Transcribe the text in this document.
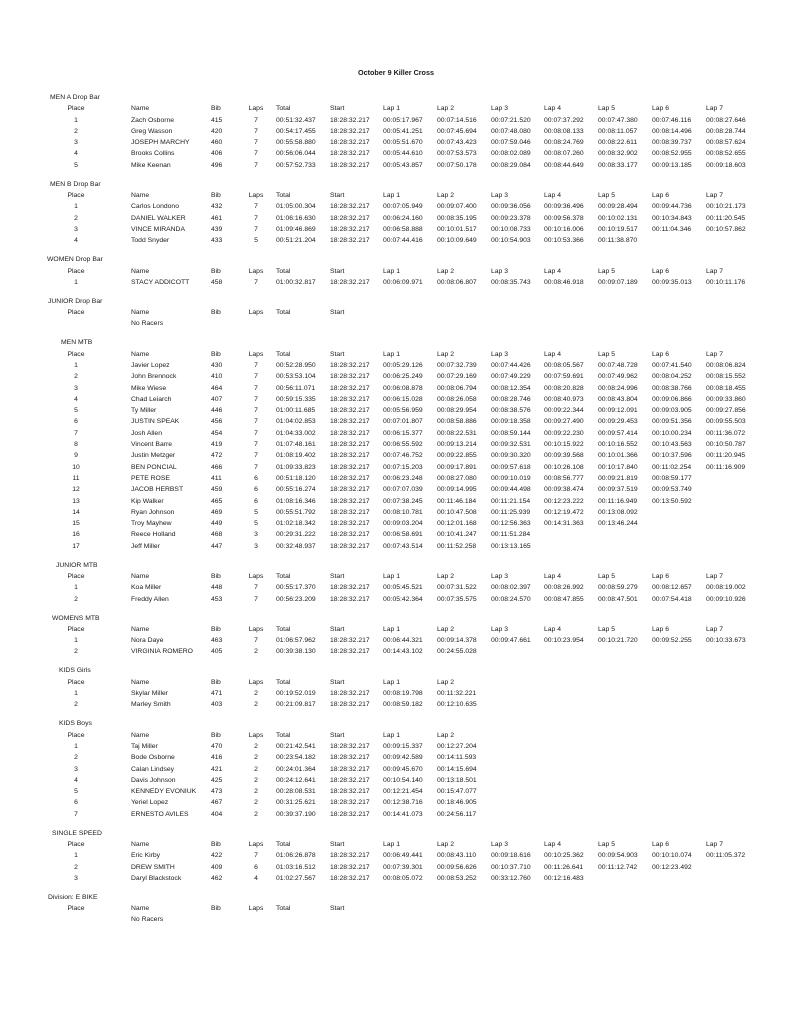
October 9 Killer Cross
MEN A Drop Bar
Place	Name	Bib	Laps	Total	Start	Lap 1	Lap 2	Lap 3	Lap 4	Lap 5	Lap 6	Lap 7
1	Zach Osborne	415	7	00:51:32.437 18:28:32.217 00:05:17.967 00:07:14.516 00:07:21.520 00:07:37.292 00:07:47.380 00:07:46.116 00:08:27.646
2	Greg Wasson	420	7	00:54:17.455 18:28:32.217 00:05:41.251 00:07:45.694 00:07:48.080 00:08:08.133 00:08:11.057 00:08:14.496 00:08:28.744
3	JOSEPH MARCHY	460	7	00:55:58.880 18:28:32.217 00:05:51.670 00:07:43.423 00:07:59.046 00:08:24.769 00:08:22.611 00:08:39.737 00:08:57.624
4	Brooks Collins	406	7	00:56:06.044 18:28:32.217 00:05:44.610 00:07:53.573 00:08:02.089 00:08:07.260 00:08:32.902 00:08:52.955 00:08:52.655
5	Mike Keenan	496	7	00:57:52.733 18:28:32.217 00:05:43.857 00:07:50.178 00:08:29.084 00:08:44.649 00:08:33.177 00:09:13.185 00:09:18.603
MEN B Drop Bar
Place	Name	Bib	Laps	Total	Start	Lap 1	Lap 2	Lap 3	Lap 4	Lap 5	Lap 6	Lap 7
1	Carlos Londono	432	7	01:05:00.304 18:28:32.217 00:07:05.949 00:09:07.400 00:09:36.056 00:09:36.496 00:09:28.494 00:09:44.736 00:10:21.173
2	DANIEL WALKER	461	7	01:06:16.630 18:28:32.217 00:06:24.160 00:08:35.195 00:09:23.378 00:09:56.378 00:10:02.131 00:10:34.843 00:11:20.545
3	VINCE MIRANDA	439	7	01:09:46.869 18:28:32.217 00:06:58.888 00:10:01.517 00:10:08.733 00:10:16.006 00:10:19.517 00:11:04.346 00:10:57.862
4	Todd Snyder	433	5	00:51:21.204 18:28:32.217 00:07:44.416 00:10:09.649 00:10:54.903 00:10:53.366 00:11:38.870
WOMEN Drop Bar
Place	Name	Bib	Laps	Total	Start	Lap 1	Lap 2	Lap 3	Lap 4	Lap 5	Lap 6	Lap 7
1	STACY ADDICOTT	458	7	01:00:32.817 18:28:32.217 00:06:09.971 00:08:06.807 00:08:35.743 00:08:46.918 00:09:07.189 00:09:35.013 00:10:11.176
JUNIOR Drop Bar
Place	Name	Bib	Laps	Total	Start
No Racers
MEN MTB
Place	Name	Bib	Laps	Total	Start	Lap 1	Lap 2	Lap 3	Lap 4	Lap 5	Lap 6	Lap 7
1	Javier Lopez	430	7	00:52:28.950 18:28:32.217 00:05:29.126 00:07:32.739 00:07:44.426 00:08:05.567 00:07:48.728 00:07:41.540 00:08:06.824
2	John Brennock	410	7	00:53:53.104 18:28:32.217 00:06:25.249 00:07:29.169 00:07:49.229 00:07:59.691 00:07:49.962 00:08:04.252 00:08:15.552
3	Mike Wiese	464	7	00:56:11.071 18:28:32.217 00:06:08.878 00:08:06.794 00:08:12.354 00:08:20.828 00:08:24.996 00:08:38.766 00:08:18.455
4	Chad Leiarch	407	7	00:59:15.335 18:28:32.217 00:06:15.028 00:08:26.058 00:08:28.746 00:08:40.973 00:08:43.804 00:09:06.866 00:09:33.860
5	Ty Miller	446	7	01:00:11.685 18:28:32.217 00:05:56.959 00:08:29.954 00:08:38.576 00:09:22.344 00:09:12.091 00:09:03.905 00:09:27.856
6	JUSTIN SPEAK	456	7	01:04:02.853 18:28:32.217 00:07:01.807 00:08:58.886 00:09:18.358 00:09:27.490 00:09:29.453 00:09:51.356 00:09:55.503
7	Josh Allen	454	7	01:04:33.002 18:28:32.217 00:06:15.377 00:08:22.531 00:08:59.144 00:09:22.230 00:09:57.414 00:10:00.234 00:11:36.072
8	Vincent Barre	419	7	01:07:48.161 18:28:32.217 00:06:55.592 00:09:13.214 00:09:32.531 00:10:15.922 00:10:16.552 00:10:43.563 00:10:50.787
9	Justin Metzger	472	7	01:08:19.402 18:28:32.217 00:07:46.752 00:09:22.855 00:09:30.320 00:09:39.568 00:10:01.366 00:10:37.596 00:11:20.945
10	BEN PONCIAL	466	7	01:09:33.823 18:28:32.217 00:07:15.203 00:09:17.891 00:09:57.618 00:10:26.108 00:10:17.840 00:11:02.254 00:11:16.909
11	PETE ROSE	411	6	00:51:18.120 18:28:32.217 00:06:23.248 00:08:27.080 00:09:10.019 00:08:56.777 00:09:21.819 00:08:59.177
12	JACOB HERBST	459	6	00:55:16.274 18:28:32.217 00:07:07.039 00:09:14.995 00:09:44.498 00:09:38.474 00:09:37.519 00:09:53.749
13	Kip Walker	465	6	01:08:16.346 18:28:32.217 00:07:38.245 00:11:46.184 00:11:21.154 00:12:23.222 00:11:16.949 00:13:50.592
14	Ryan Johnson	469	5	00:55:51.792 18:28:32.217 00:08:10.781 00:10:47.508 00:11:25.939 00:12:19.472 00:13:08.092
15	Troy Mayhew	449	5	01:02:18.342 18:28:32.217 00:09:03.204 00:12:01.168 00:12:56.363 00:14:31.363 00:13:46.244
16	Reece Holland	468	3	00:29:31.222 18:28:32.217 00:06:58.691 00:10:41.247 00:11:51.284
17	Jeff Miller	447	3	00:32:48.937 18:28:32.217 00:07:43.514 00:11:52.258 00:13:13.165
JUNIOR MTB
Place	Name	Bib	Laps	Total	Start	Lap 1	Lap 2	Lap 3	Lap 4	Lap 5	Lap 6	Lap 7
1	Koa Miller	448	7	00:55:17.370 18:28:32.217 00:05:45.521 00:07:31.522 00:08:02.397 00:08:26.992 00:08:59.279 00:08:12.657 00:08:19.002
2	Freddy Allen	453	7	00:56:23.209 18:28:32.217 00:05:42.364 00:07:35.575 00:08:24.570 00:08:47.855 00:08:47.501 00:07:54.418 00:09:10.926
WOMENS MTB
Place	Name	Bib	Laps	Total	Start	Lap 1	Lap 2	Lap 3	Lap 4	Lap 5	Lap 6	Lap 7
1	Nora Daye	463	7	01:06:57.962 18:28:32.217 00:06:44.321 00:09:14.378 00:09:47.661 00:10:23.954 00:10:21.720 00:09:52.255 00:10:33.673
2	VIRGINIA ROMERO	405	2	00:39:38.130 18:28:32.217 00:14:43.102 00:24:55.028
KIDS Girls
Place	Name	Bib	Laps	Total	Start	Lap 1	Lap 2
1	Skylar Miller	471	2	00:19:52.019 18:28:32.217 00:08:19.798 00:11:32.221
2	Marley Smith	403	2	00:21:09.817 18:28:32.217 00:08:59.182 00:12:10.635
KIDS Boys
Place	Name	Bib	Laps	Total	Start	Lap 1	Lap 2
1	Taj Miller	470	2	00:21:42.541 18:28:32.217 00:09:15.337 00:12:27.204
2	Bode Osborne	416	2	00:23:54.182 18:28:32.217 00:09:42.589 00:14:11.593
3	Calan Lindsey	421	2	00:24:01.364 18:28:32.217 00:09:45.670 00:14:15.694
4	Davis Johnson	425	2	00:24:12.641 18:28:32.217 00:10:54.140 00:13:18.501
5	KENNEDY EVONIUK 473	2	00:28:08.531 18:28:32.217 00:12:21.454 00:15:47.077
6	Yeriel Lopez	467	2	00:31:25.621 18:28:32.217 00:12:38.716 00:18:46.905
7	ERNESTO AVILES	404	2	00:39:37.190 18:28:32.217 00:14:41.073 00:24:56.117
SINGLE SPEED
Place	Name	Bib	Laps	Total	Start	Lap 1	Lap 2	Lap 3	Lap 4	Lap 5	Lap 6	Lap 7
1	Eric Kirby	422	7	01:06:26.878 18:28:32.217 00:06:49.441 00:08:43.110 00:09:18.616 00:10:25.362 00:09:54.903 00:10:10.074 00:11:05.372
2	DREW SMITH	409	6	01:03:16.512 18:28:32.217 00:07:39.301 00:09:56.626 00:10:37.710 00:11:26.641 00:11:12.742 00:12:23.492
3	Daryl Blackstock	462	4	01:02:27.567 18:28:32.217 00:08:05.072 00:08:53.252 00:33:12.760 00:12:16.483
Division: E BIKE
Place	Name	Bib	Laps	Total	Start
No Racers
